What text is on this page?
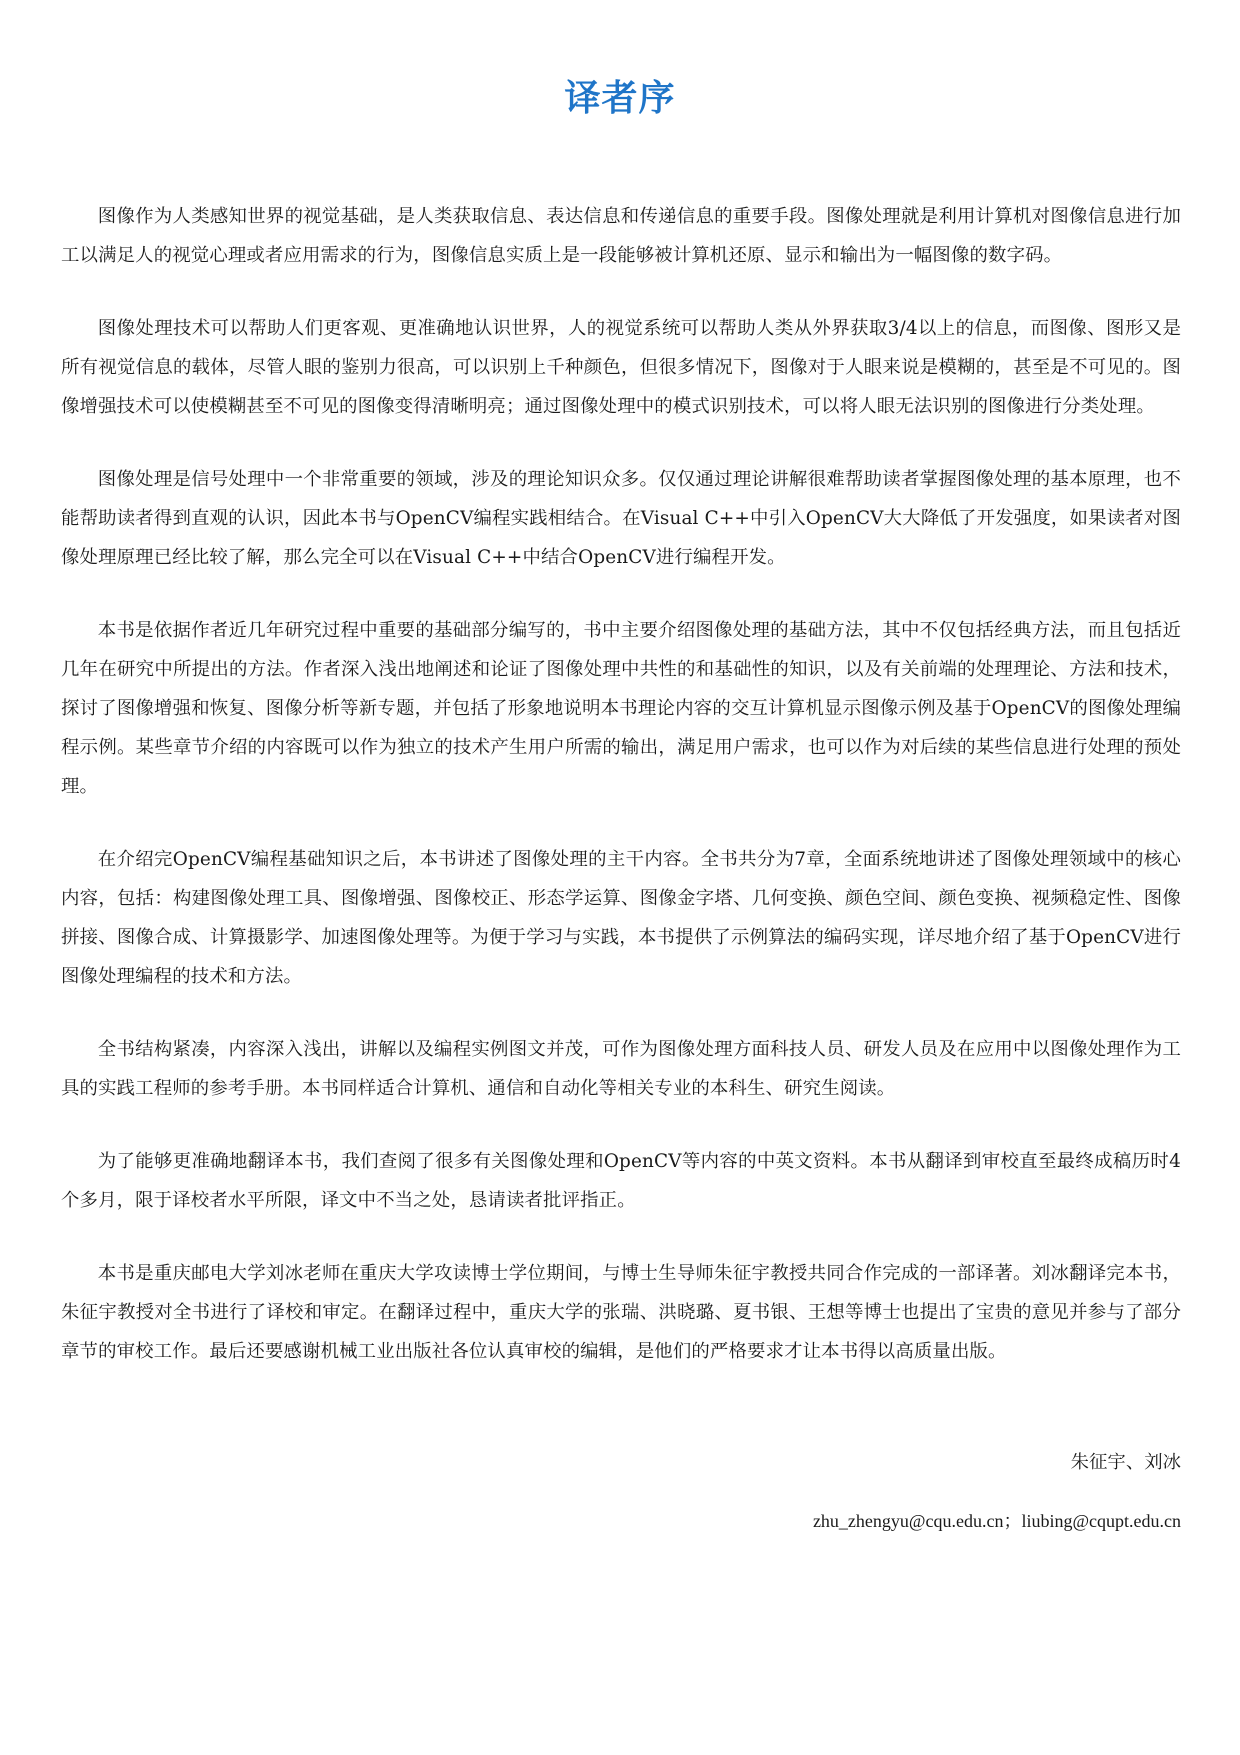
译者序

图像作为人类感知世界的视觉基础，是人类获取信息、表达信息和传递信息的重要手段。图像处理就是利用计算机对图像信息进行加工以满足人的视觉心理或者应用需求的行为，图像信息实质上是一段能够被计算机还原、显示和输出为一幅图像的数字码。

图像处理技术可以帮助人们更客观、更准确地认识世界，人的视觉系统可以帮助人类从外界获取3/4以上的信息，而图像、图形又是所有视觉信息的载体，尽管人眼的鉴别力很高，可以识别上千种颜色，但很多情况下，图像对于人眼来说是模糊的，甚至是不可见的。图像增强技术可以使模糊甚至不可见的图像变得清晰明亮；通过图像处理中的模式识别技术，可以将人眼无法识别的图像进行分类处理。

图像处理是信号处理中一个非常重要的领域，涉及的理论知识众多。仅仅通过理论讲解很难帮助读者掌握图像处理的基本原理，也不能帮助读者得到直观的认识，因此本书与OpenCV编程实践相结合。在Visual C++中引入OpenCV大大降低了开发强度，如果读者对图像处理原理已经比较了解，那么完全可以在Visual C++中结合OpenCV进行编程开发。

本书是依据作者近几年研究过程中重要的基础部分编写的，书中主要介绍图像处理的基础方法，其中不仅包括经典方法，而且包括近几年在研究中所提出的方法。作者深入浅出地阐述和论证了图像处理中共性的和基础性的知识，以及有关前端的处理理论、方法和技术，探讨了图像增强和恢复、图像分析等新专题，并包括了形象地说明本书理论内容的交互计算机显示图像示例及基于OpenCV的图像处理编程示例。某些章节介绍的内容既可以作为独立的技术产生用户所需的输出，满足用户需求，也可以作为对后续的某些信息进行处理的预处理。

在介绍完OpenCV编程基础知识之后，本书讲述了图像处理的主干内容。全书共分为7章，全面系统地讲述了图像处理领域中的核心内容，包括：构建图像处理工具、图像增强、图像校正、形态学运算、图像金字塔、几何变换、颜色空间、颜色变换、视频稳定性、图像拼接、图像合成、计算摄影学、加速图像处理等。为便于学习与实践，本书提供了示例算法的编码实现，详尽地介绍了基于OpenCV进行图像处理编程的技术和方法。

全书结构紧凑，内容深入浅出，讲解以及编程实例图文并茂，可作为图像处理方面科技人员、研发人员及在应用中以图像处理作为工具的实践工程师的参考手册。本书同样适合计算机、通信和自动化等相关专业的本科生、研究生阅读。

为了能够更准确地翻译本书，我们查阅了很多有关图像处理和OpenCV等内容的中英文资料。本书从翻译到审校直至最终成稿历时4个多月，限于译校者水平所限，译文中不当之处，恳请读者批评指正。

本书是重庆邮电大学刘冰老师在重庆大学攻读博士学位期间，与博士生导师朱征宇教授共同合作完成的一部译著。刘冰翻译完本书，朱征宇教授对全书进行了译校和审定。在翻译过程中，重庆大学的张瑞、洪晓璐、夏书银、王想等博士也提出了宝贵的意见并参与了部分章节的审校工作。最后还要感谢机械工业出版社各位认真审校的编辑，是他们的严格要求才让本书得以高质量出版。

朱征宇、刘冰
zhu_zhengyu@cqu.edu.cn；liubing@cqupt.edu.cn
